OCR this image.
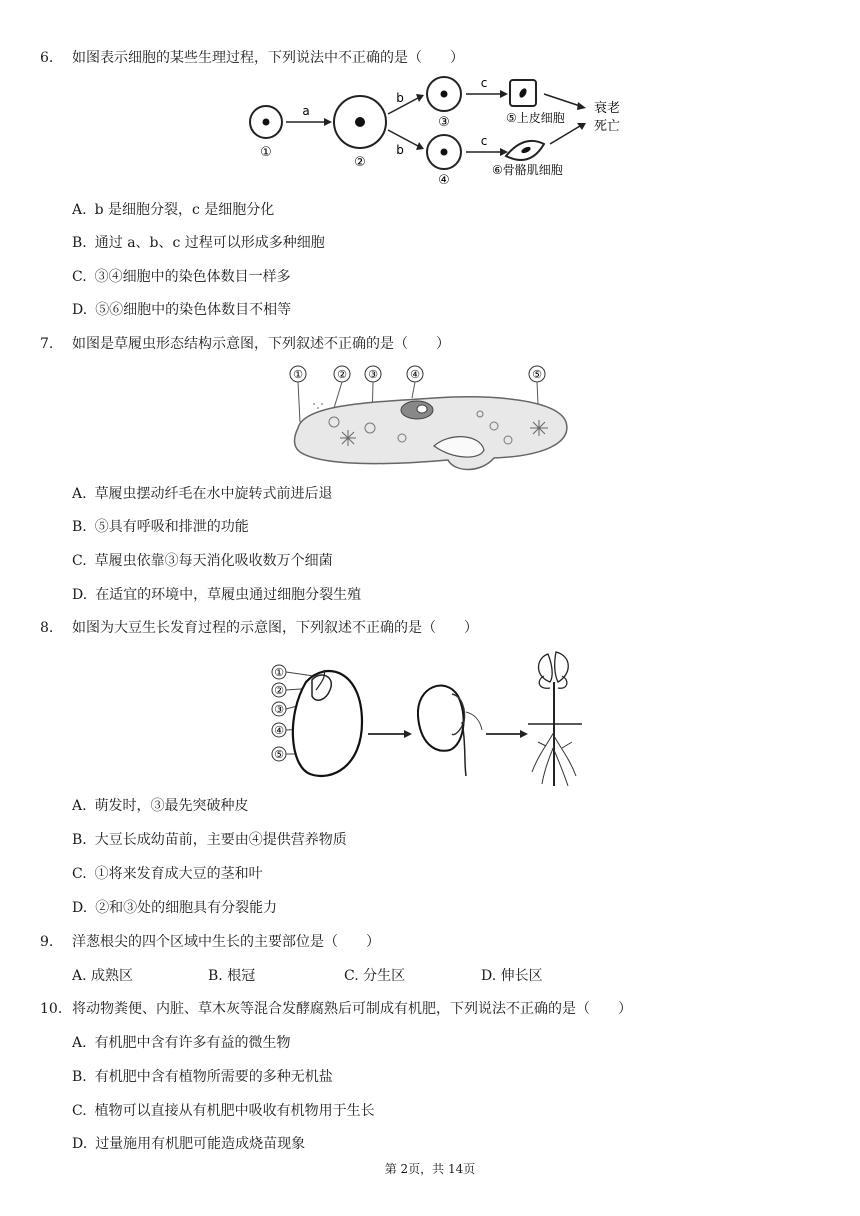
6. 如图表示细胞的某些生理过程，下列说法中不正确的是（　　）
①
a
②
b
b
③
④
c
c
⑤上皮细胞
⑥骨骼肌细胞
衰老
死亡
A. b 是细胞分裂，c 是细胞分化
B. 通过 a、b、c 过程可以形成多种细胞
C. ③④细胞中的染色体数目一样多
D. ⑤⑥细胞中的染色体数目不相等
7. 如图是草履虫形态结构示意图，下列叙述不正确的是（　　）
①	② ③	④	⑤
A. 草履虫摆动纤毛在水中旋转式前进后退
B. ⑤具有呼吸和排泄的功能
C. 草履虫依靠③每天消化吸收数万个细菌
D. 在适宜的环境中，草履虫通过细胞分裂生殖
8. 如图为大豆生长发育过程的示意图，下列叙述不正确的是（　　）
①
②
③
④
⑤
A. 萌发时，③最先突破种皮
B. 大豆长成幼苗前，主要由④提供营养物质
C. ①将来发育成大豆的茎和叶
D. ②和③处的细胞具有分裂能力
9. 洋葱根尖的四个区域中生长的主要部位是（　　）
A. 成熟区	B. 根冠	C. 分生区	D. 伸长区
10. 将动物粪便、内脏、草木灰等混合发酵腐熟后可制成有机肥，下列说法不正确的是（　　）
A. 有机肥中含有许多有益的微生物
B. 有机肥中含有植物所需要的多种无机盐
C. 植物可以直接从有机肥中吸收有机物用于生长
D. 过量施用有机肥可能造成烧苗现象
第 2页，共 14页
